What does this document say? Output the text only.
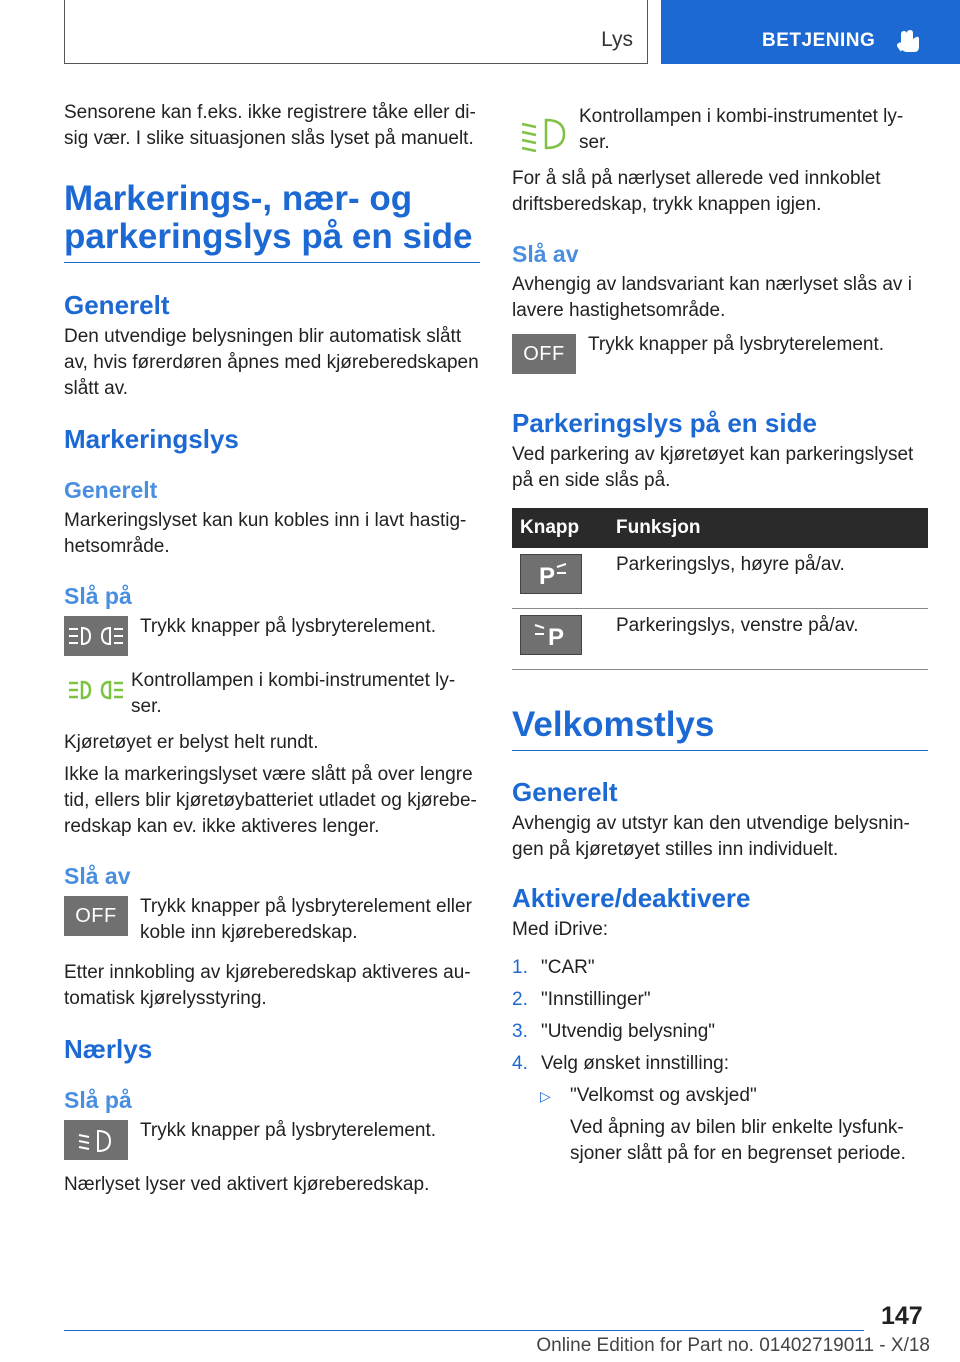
Lys	BETJENING

Sensorene kan f.eks. ikke registrere tåke eller di-sig vær. I slike situasjonen slås lyset på manuelt.

Markerings-, nær- og parkeringslys på en side
Generelt

Den utvendige belysningen blir automatisk slått av, hvis førerdøren åpnes med kjøreberedskapen slått av.

Markeringslys
Generelt

Markeringslyset kan kun kobles inn i lavt hastig-hetsområde.

Slå på

Trykk knapper på lysbryterelement.

Kontrollampen i kombi-instrumentet ly-ser.

Kjøretøyet er belyst helt rundt.

Ikke la markeringslyset være slått på over lengre tid, ellers blir kjøretøybatteriet utladet og kjørebe-redskap kan ev. ikke aktiveres lenger.

Slå av
OFF Trykk knapper på lysbryterelement eller koble inn kjøreberedskap.

Etter innkobling av kjøreberedskap aktiveres au-tomatisk kjørelysstyring.

Nærlys
Slå på

Trykk knapper på lysbryterelement.

Nærlyset lyser ved aktivert kjøreberedskap.

Kontrollampen i kombi-instrumentet ly-ser.

For å slå på nærlyset allerede ved innkoblet driftsberedskap, trykk knappen igjen.

Slå av

Avhengig av landsvariant kan nærlyset slås av i lavere hastighetsområde.

OFF Trykk knapper på lysbryterelement.

Parkeringslys på en side

Ved parkering av kjøretøyet kan parkeringslyset på en side slås på.

Knapp	Funksjon

P	Parkeringslys, høyre på/av.

P	Parkeringslys, venstre på/av.
Velkomstlys
Generelt

Avhengig av utstyr kan den utvendige belysnin-gen på kjøretøyet stilles inn individuelt.

Aktivere/deaktivere

Med iDrive:

1. "CAR"
2. "Innstillinger"
3. "Utvendig belysning"
4. Velg ønsket innstilling:
▷	"Velkomst og avskjed"
Ved åpning av bilen blir enkelte lysfunk-sjoner slått på for en begrenset periode.
147
Online Edition for Part no. 01402719011 - X/18
